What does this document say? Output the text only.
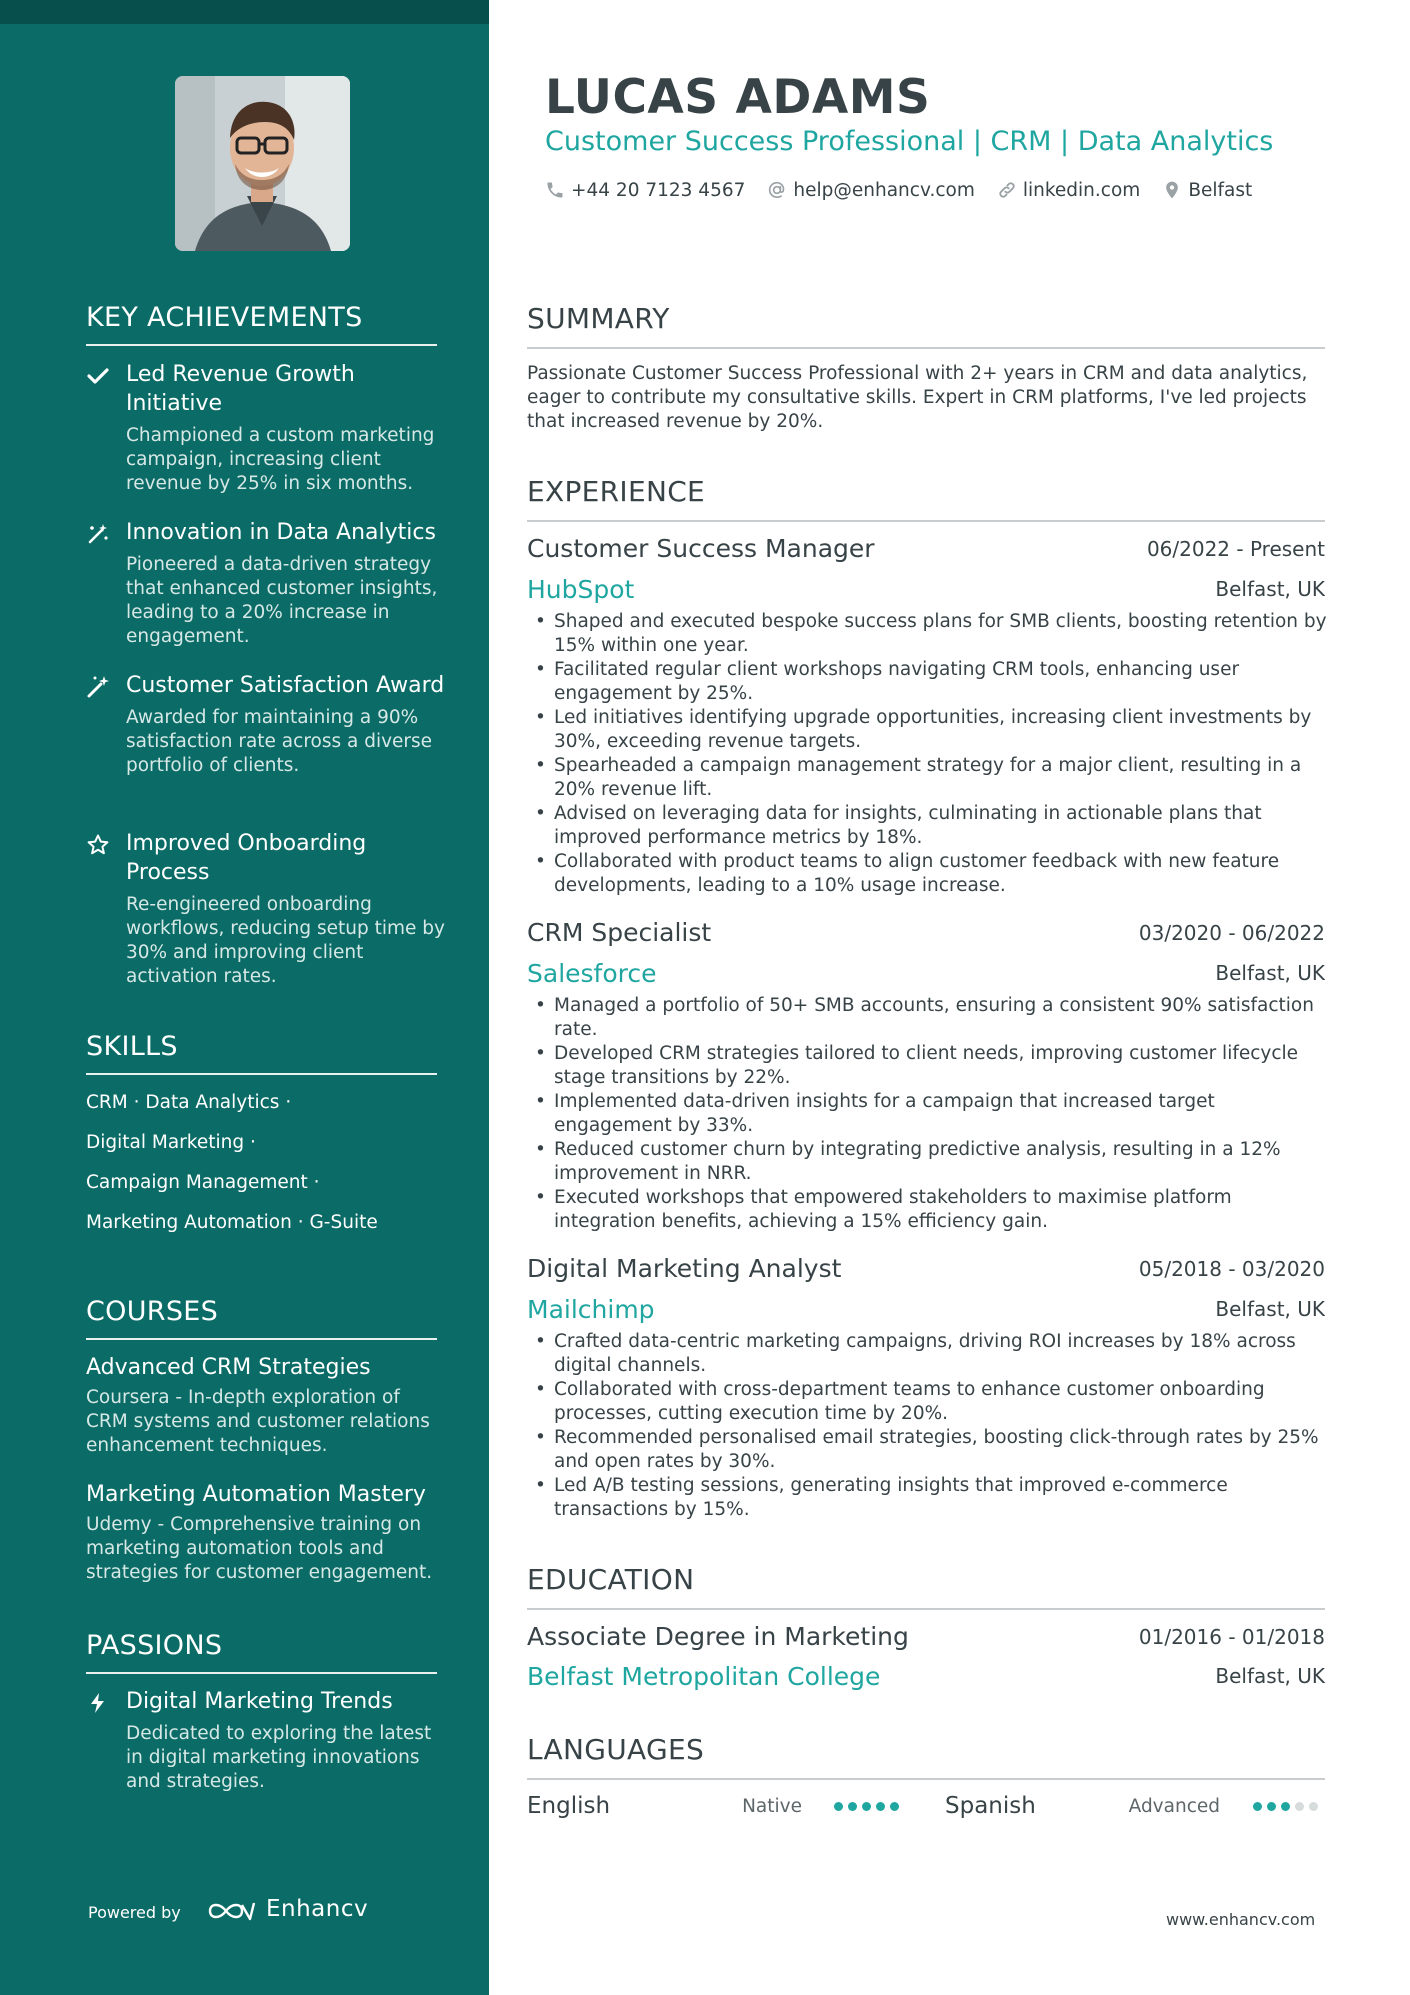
KEY ACHIEVEMENTS
Led Revenue Growth Initiative
Championed a custom marketing campaign, increasing client revenue by 25% in six months.
Innovation in Data Analytics
Pioneered a data-driven strategy that enhanced customer insights, leading to a 20% increase in engagement.
Customer Satisfaction Award
Awarded for maintaining a 90% satisfaction rate across a diverse portfolio of clients.
Improved Onboarding Process
Re-engineered onboarding workflows, reducing setup time by 30% and improving client activation rates.
SKILLS
CRM · Data Analytics ·
Digital Marketing ·
Campaign Management ·
Marketing Automation · G-Suite
COURSES
Advanced CRM Strategies
Coursera - In-depth exploration of CRM systems and customer relations enhancement techniques.
Marketing Automation Mastery
Udemy - Comprehensive training on marketing automation tools and strategies for customer engagement.
PASSIONS
Digital Marketing Trends
Dedicated to exploring the latest in digital marketing innovations and strategies.
Powered by	Enhancv
LUCAS ADAMS
Customer Success Professional | CRM | Data Analytics
+44 20 7123 4567	help@enhancv.com	linkedin.com	Belfast
SUMMARY
Passionate Customer Success Professional with 2+ years in CRM and data analytics, eager to contribute my consultative skills. Expert in CRM platforms, I've led projects that increased revenue by 20%.
EXPERIENCE
Customer Success Manager	06/2022 - Present
HubSpot	Belfast, UK
• Shaped and executed bespoke success plans for SMB clients, boosting retention by 15% within one year.
• Facilitated regular client workshops navigating CRM tools, enhancing user engagement by 25%.
• Led initiatives identifying upgrade opportunities, increasing client investments by 30%, exceeding revenue targets.
• Spearheaded a campaign management strategy for a major client, resulting in a 20% revenue lift.
• Advised on leveraging data for insights, culminating in actionable plans that improved performance metrics by 18%.
• Collaborated with product teams to align customer feedback with new feature developments, leading to a 10% usage increase.
CRM Specialist	03/2020 - 06/2022
Salesforce	Belfast, UK
• Managed a portfolio of 50+ SMB accounts, ensuring a consistent 90% satisfaction rate.
• Developed CRM strategies tailored to client needs, improving customer lifecycle stage transitions by 22%.
• Implemented data-driven insights for a campaign that increased target engagement by 33%.
• Reduced customer churn by integrating predictive analysis, resulting in a 12% improvement in NRR.
• Executed workshops that empowered stakeholders to maximise platform integration benefits, achieving a 15% efficiency gain.
Digital Marketing Analyst	05/2018 - 03/2020
Mailchimp	Belfast, UK
• Crafted data-centric marketing campaigns, driving ROI increases by 18% across digital channels.
• Collaborated with cross-department teams to enhance customer onboarding processes, cutting execution time by 20%.
• Recommended personalised email strategies, boosting click-through rates by 25% and open rates by 30%.
• Led A/B testing sessions, generating insights that improved e-commerce transactions by 15%.
EDUCATION
Associate Degree in Marketing	01/2016 - 01/2018
Belfast Metropolitan College	Belfast, UK
LANGUAGES
English	Native	Spanish	Advanced
www.enhancv.com
